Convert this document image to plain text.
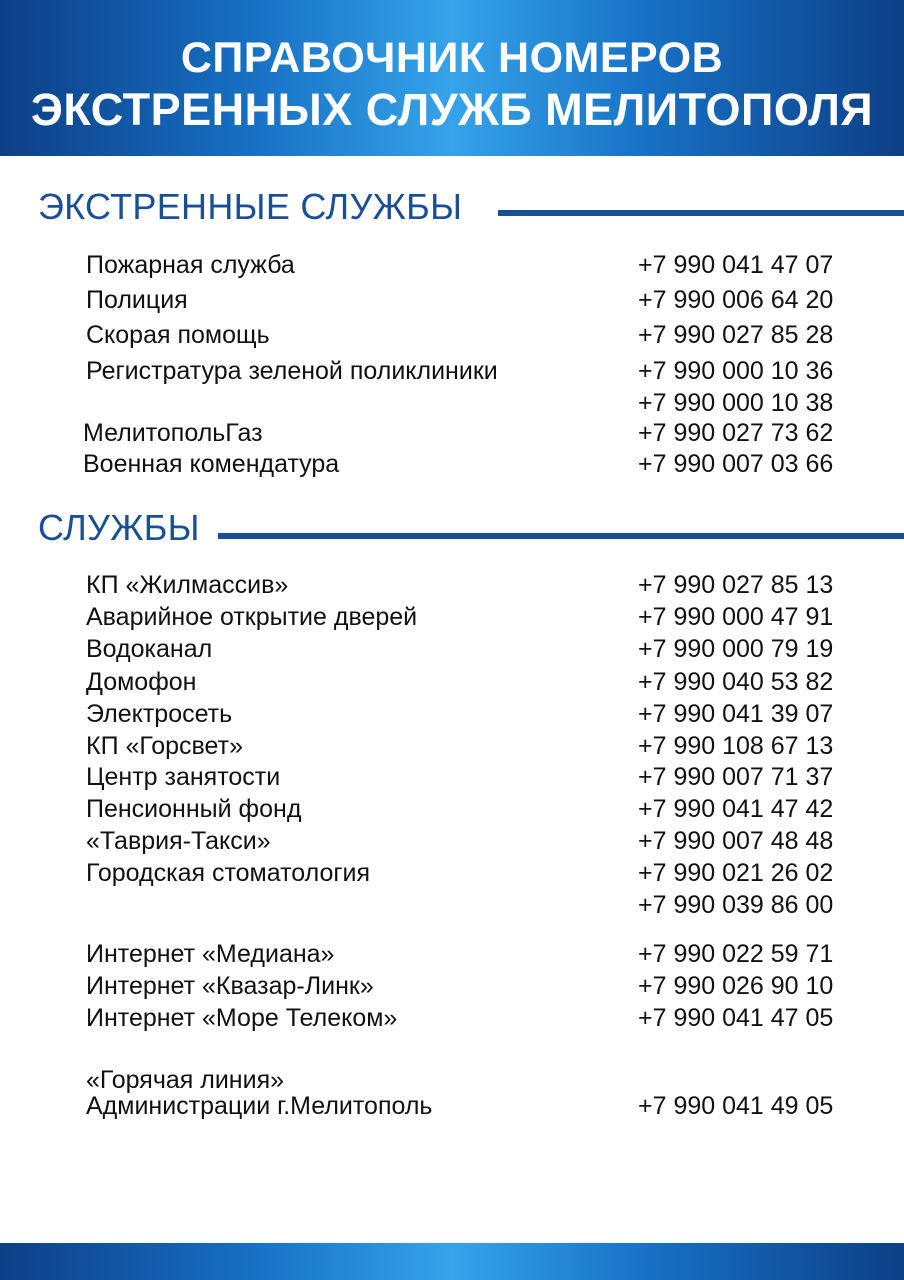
СПРАВОЧНИК НОМЕРОВ
ЭКСТРЕННЫХ СЛУЖБ МЕЛИТОПОЛЯ
ЭКСТРЕННЫЕ СЛУЖБЫ
Пожарная служба	+7 990 041 47 07
Полиция	+7 990 006 64 20
Скорая помощь	+7 990 027 85 28
Регистратура зеленой поликлиники	+7 990 000 10 36
+7 990 000 10 38
МелитопольГаз	+7 990 027 73 62
Военная комендатура	+7 990 007 03 66
СЛУЖБЫ
КП «Жилмассив»	+7 990 027 85 13
Аварийное открытие дверей	+7 990 000 47 91
Водоканал	+7 990 000 79 19
Домофон	+7 990 040 53 82
Электросеть	+7 990 041 39 07
КП «Горсвет»	+7 990 108 67 13
Центр занятости	+7 990 007 71 37
Пенсионный фонд	+7 990 041 47 42
«Таврия-Такси»	+7 990 007 48 48
Городская стоматология	+7 990 021 26 02
+7 990 039 86 00
Интернет «Медиана»	+7 990 022 59 71
Интернет «Квазар-Линк»	+7 990 026 90 10
Интернет «Море Телеком»	+7 990 041 47 05
«Горячая линия»
Администрации г.Мелитополь	+7 990 041 49 05
